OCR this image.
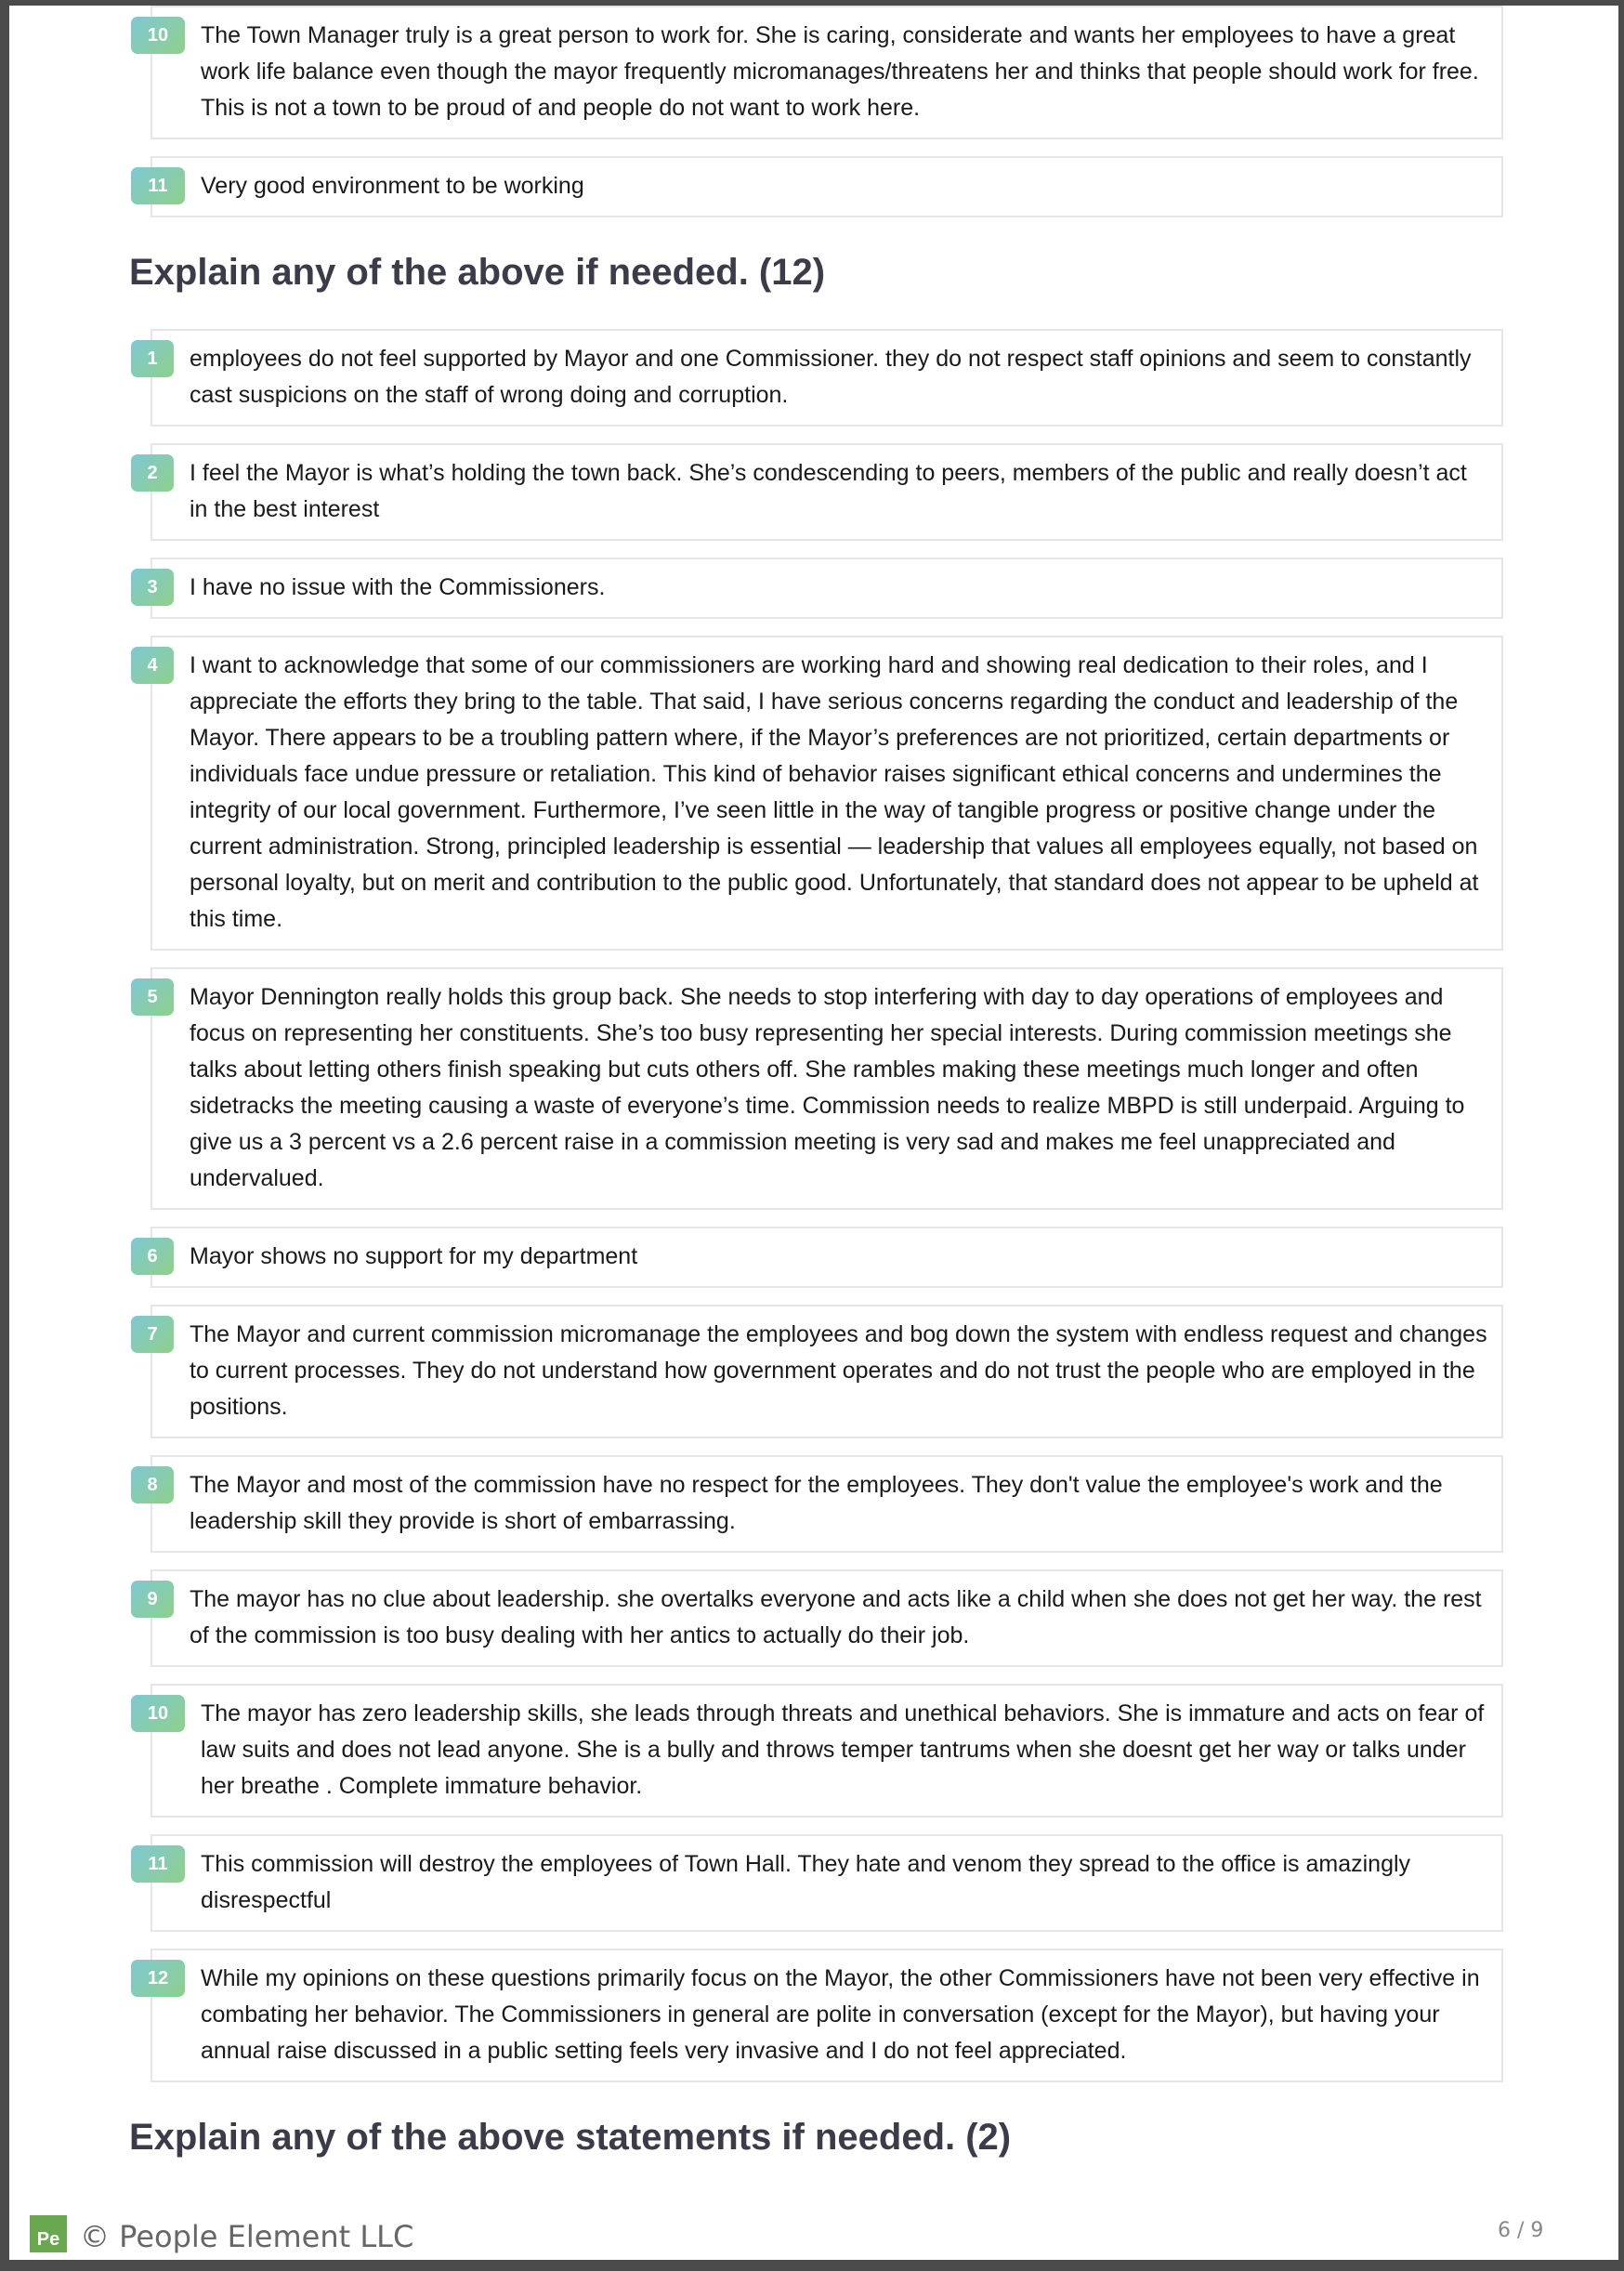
10	The Town Manager truly is a great person to work for. She is caring, considerate and wants her employees to have a great work life balance even though the mayor frequently micromanages/threatens her and thinks that people should work for free. This is not a town to be proud of and people do not want to work here.
11	Very good environment to be working
Explain any of the above if needed. (12)
1	employees do not feel supported by Mayor and one Commissioner. they do not respect staff opinions and seem to constantly cast suspicions on the staff of wrong doing and corruption.
2	I feel the Mayor is what’s holding the town back. She’s condescending to peers, members of the public and really doesn’t act in the best interest
3	I have no issue with the Commissioners.
4	I want to acknowledge that some of our commissioners are working hard and showing real dedication to their roles, and I appreciate the efforts they bring to the table. That said, I have serious concerns regarding the conduct and leadership of the Mayor. There appears to be a troubling pattern where, if the Mayor’s preferences are not prioritized, certain departments or individuals face undue pressure or retaliation. This kind of behavior raises significant ethical concerns and undermines the integrity of our local government. Furthermore, I’ve seen little in the way of tangible progress or positive change under the current administration. Strong, principled leadership is essential — leadership that values all employees equally, not based on personal loyalty, but on merit and contribution to the public good. Unfortunately, that standard does not appear to be upheld at this time.
5	Mayor Dennington really holds this group back. She needs to stop interfering with day to day operations of employees and focus on representing her constituents. She’s too busy representing her special interests. During commission meetings she talks about letting others finish speaking but cuts others off. She rambles making these meetings much longer and often sidetracks the meeting causing a waste of everyone’s time. Commission needs to realize MBPD is still underpaid. Arguing to give us a 3 percent vs a 2.6 percent raise in a commission meeting is very sad and makes me feel unappreciated and undervalued.
6	Mayor shows no support for my department
7	The Mayor and current commission micromanage the employees and bog down the system with endless request and changes to current processes. They do not understand how government operates and do not trust the people who are employed in the positions.
8	The Mayor and most of the commission have no respect for the employees. They don't value the employee's work and the leadership skill they provide is short of embarrassing.
9	The mayor has no clue about leadership. she overtalks everyone and acts like a child when she does not get her way. the rest of the commission is too busy dealing with her antics to actually do their job.
10	The mayor has zero leadership skills, she leads through threats and unethical behaviors. She is immature and acts on fear of law suits and does not lead anyone. She is a bully and throws temper tantrums when she doesnt get her way or talks under her breathe . Complete immature behavior.
11	This commission will destroy the employees of Town Hall. They hate and venom they spread to the office is amazingly disrespectful
12	While my opinions on these questions primarily focus on the Mayor, the other Commissioners have not been very effective in combating her behavior. The Commissioners in general are polite in conversation (except for the Mayor), but having your annual raise discussed in a public setting feels very invasive and I do not feel appreciated.
Explain any of the above statements if needed. (2)
Pe © People Element LLC	6 / 9
